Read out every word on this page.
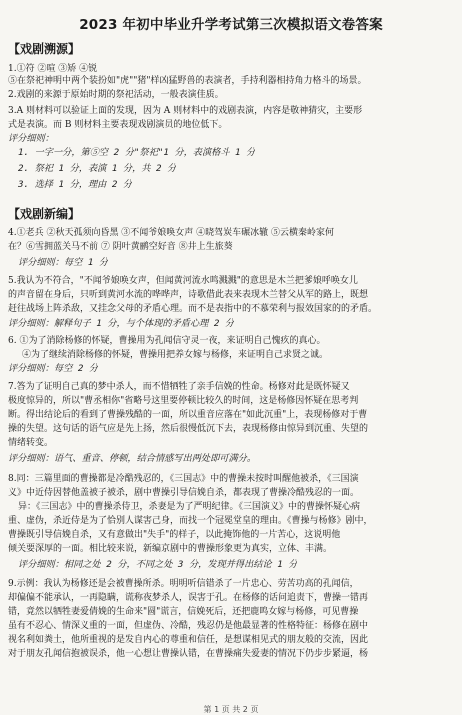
2023 年初中毕业升学考试第三次模拟语文卷答案
【戏剧溯源】
1.①符 ②喧 ③矫 ④锐
⑤在祭祀神明中两个装扮如"虎""猪"样凶猛野兽的表演者，手持利器相持角力格斗的场景。
2.戏剧的来源于原始时期的祭祀活动，一般表演佳质。
3.A 则材料可以验证上面的发现，因为 A 则材料中的戏剧表演，内容是敬神猜灾，主要形
式是表演。而 B 则材料主要表现戏剧演员的地位低下。
评分细则：
1. 一字一分，第⑤空 2 分"祭祀"1 分，表演格斗 1 分
2. 祭祀 1 分，表演 1 分，共 2 分
3. 选择 1 分，理由 2 分
【戏剧新编】
4.①老兵 ②秋天孤须向昏黑 ③不闻爷娘唤女声 ④晓驾炭车碾冰辙 ⑤云横秦岭家何
在？⑥雪拥蓝关马不前 ⑦ 阴叶黄鹂空好音 ⑧井上生旅葵
评分细则：每空 1 分
5.我认为不符合，"不闻爷娘唤女声，但闻黄河流水鸣溅溅"的意思是木兰把爹娘呼唤女儿
的声音留在身后，只听到黄河水流的哗哗声，诗歌借此表来表现木兰替父从军的路上，既想
赶往战场上阵杀敌，又挂念父母的矛盾心理。而不是表指中的不慕荣利与报效国家的的矛盾。
评分细则：解释句子 1 分，与个体现的矛盾心理 2 分
6. ①为了消除杨修的怀疑，曹操用为孔闻信守灵一夜，来证明自己愧疚的真心。
④为了继续消除杨修的怀疑，曹操用把养女嫁与杨修，来证明自己求贤之诚。
评分细则：每空 2 分
7.答为了证明自己真的梦中杀人，而不惜牺牲了亲手信娩的性命。杨修对此是既怀疑又
极度惊异的，所以"曹丞相你"省略号这里要停顿比较久的时间，这是杨修因怀疑在思考判
断。得出结论后的看到了曹操残酷的一面，所以重音应落在"如此沉重"上，表现杨修对于曹
操的失望。这句话的语气应是先上扬，然后很慢低沉下去，表现杨修由惊异到沉重、失望的
情绪转变。
评分细则：语气、重音、停顿，结合情感写出两处即可满分。
8.同：三篇里面的曹操都是冷酷残忍的，《三国志》中的曹操未按时叫醒他被杀，《三国演
义》中近侍因替他盖被子被杀，剧中曹操引导信娩自杀，都表现了曹操冷酷残忍的一面。
异：《三国志》中的曹操杀侍卫，杀妻是为了严明纪律。《三国演义》中的曹操怀疑心病
重、虚伪，杀近侍是为了恰别人谋害己身，而找一个冠冕堂皇的理由。《曹操与杨修》剧中，
曹操既引导信娩自杀，又有意做出"失手"的样子，以此掩饰他的一片苦心，这说明他
倾关要深厚的一面。相比较来说，新编京剧中的曹操形象更为真实，立体、丰满。
评分细则：相同之处 2 分，不同之处 3 分，发现并得出结论 1 分
9.示例：我认为杨修还是会被曹操所杀。明明听信错杀了一片忠心、劳苦功高的孔闻信，
却偏偏不能承认，一再隐瞒，谎称夜梦杀人，误害于孔。在杨修的话问追责下，曹操一错再
错，竟然以牺牲妻爱倩娩的生命来"圆"谎言，信娩死后，还把鹿鸣女嫁与杨修，可见曹操
虽有不忍心、情深义重的一面，但虚伪、冷酷，残忍仍是他最显著的性格特征：杨修在剧中
视名利如粪土，他所重视的是发自内心的尊重和信任，是想谋相见式的朋友般的交流，因此
对于朋友孔闻信抱被误杀，他一心想让曹操认错，在曹操痛失爱妻的情况下仍步步紧逼，杨
第 1 页 共 2 页
